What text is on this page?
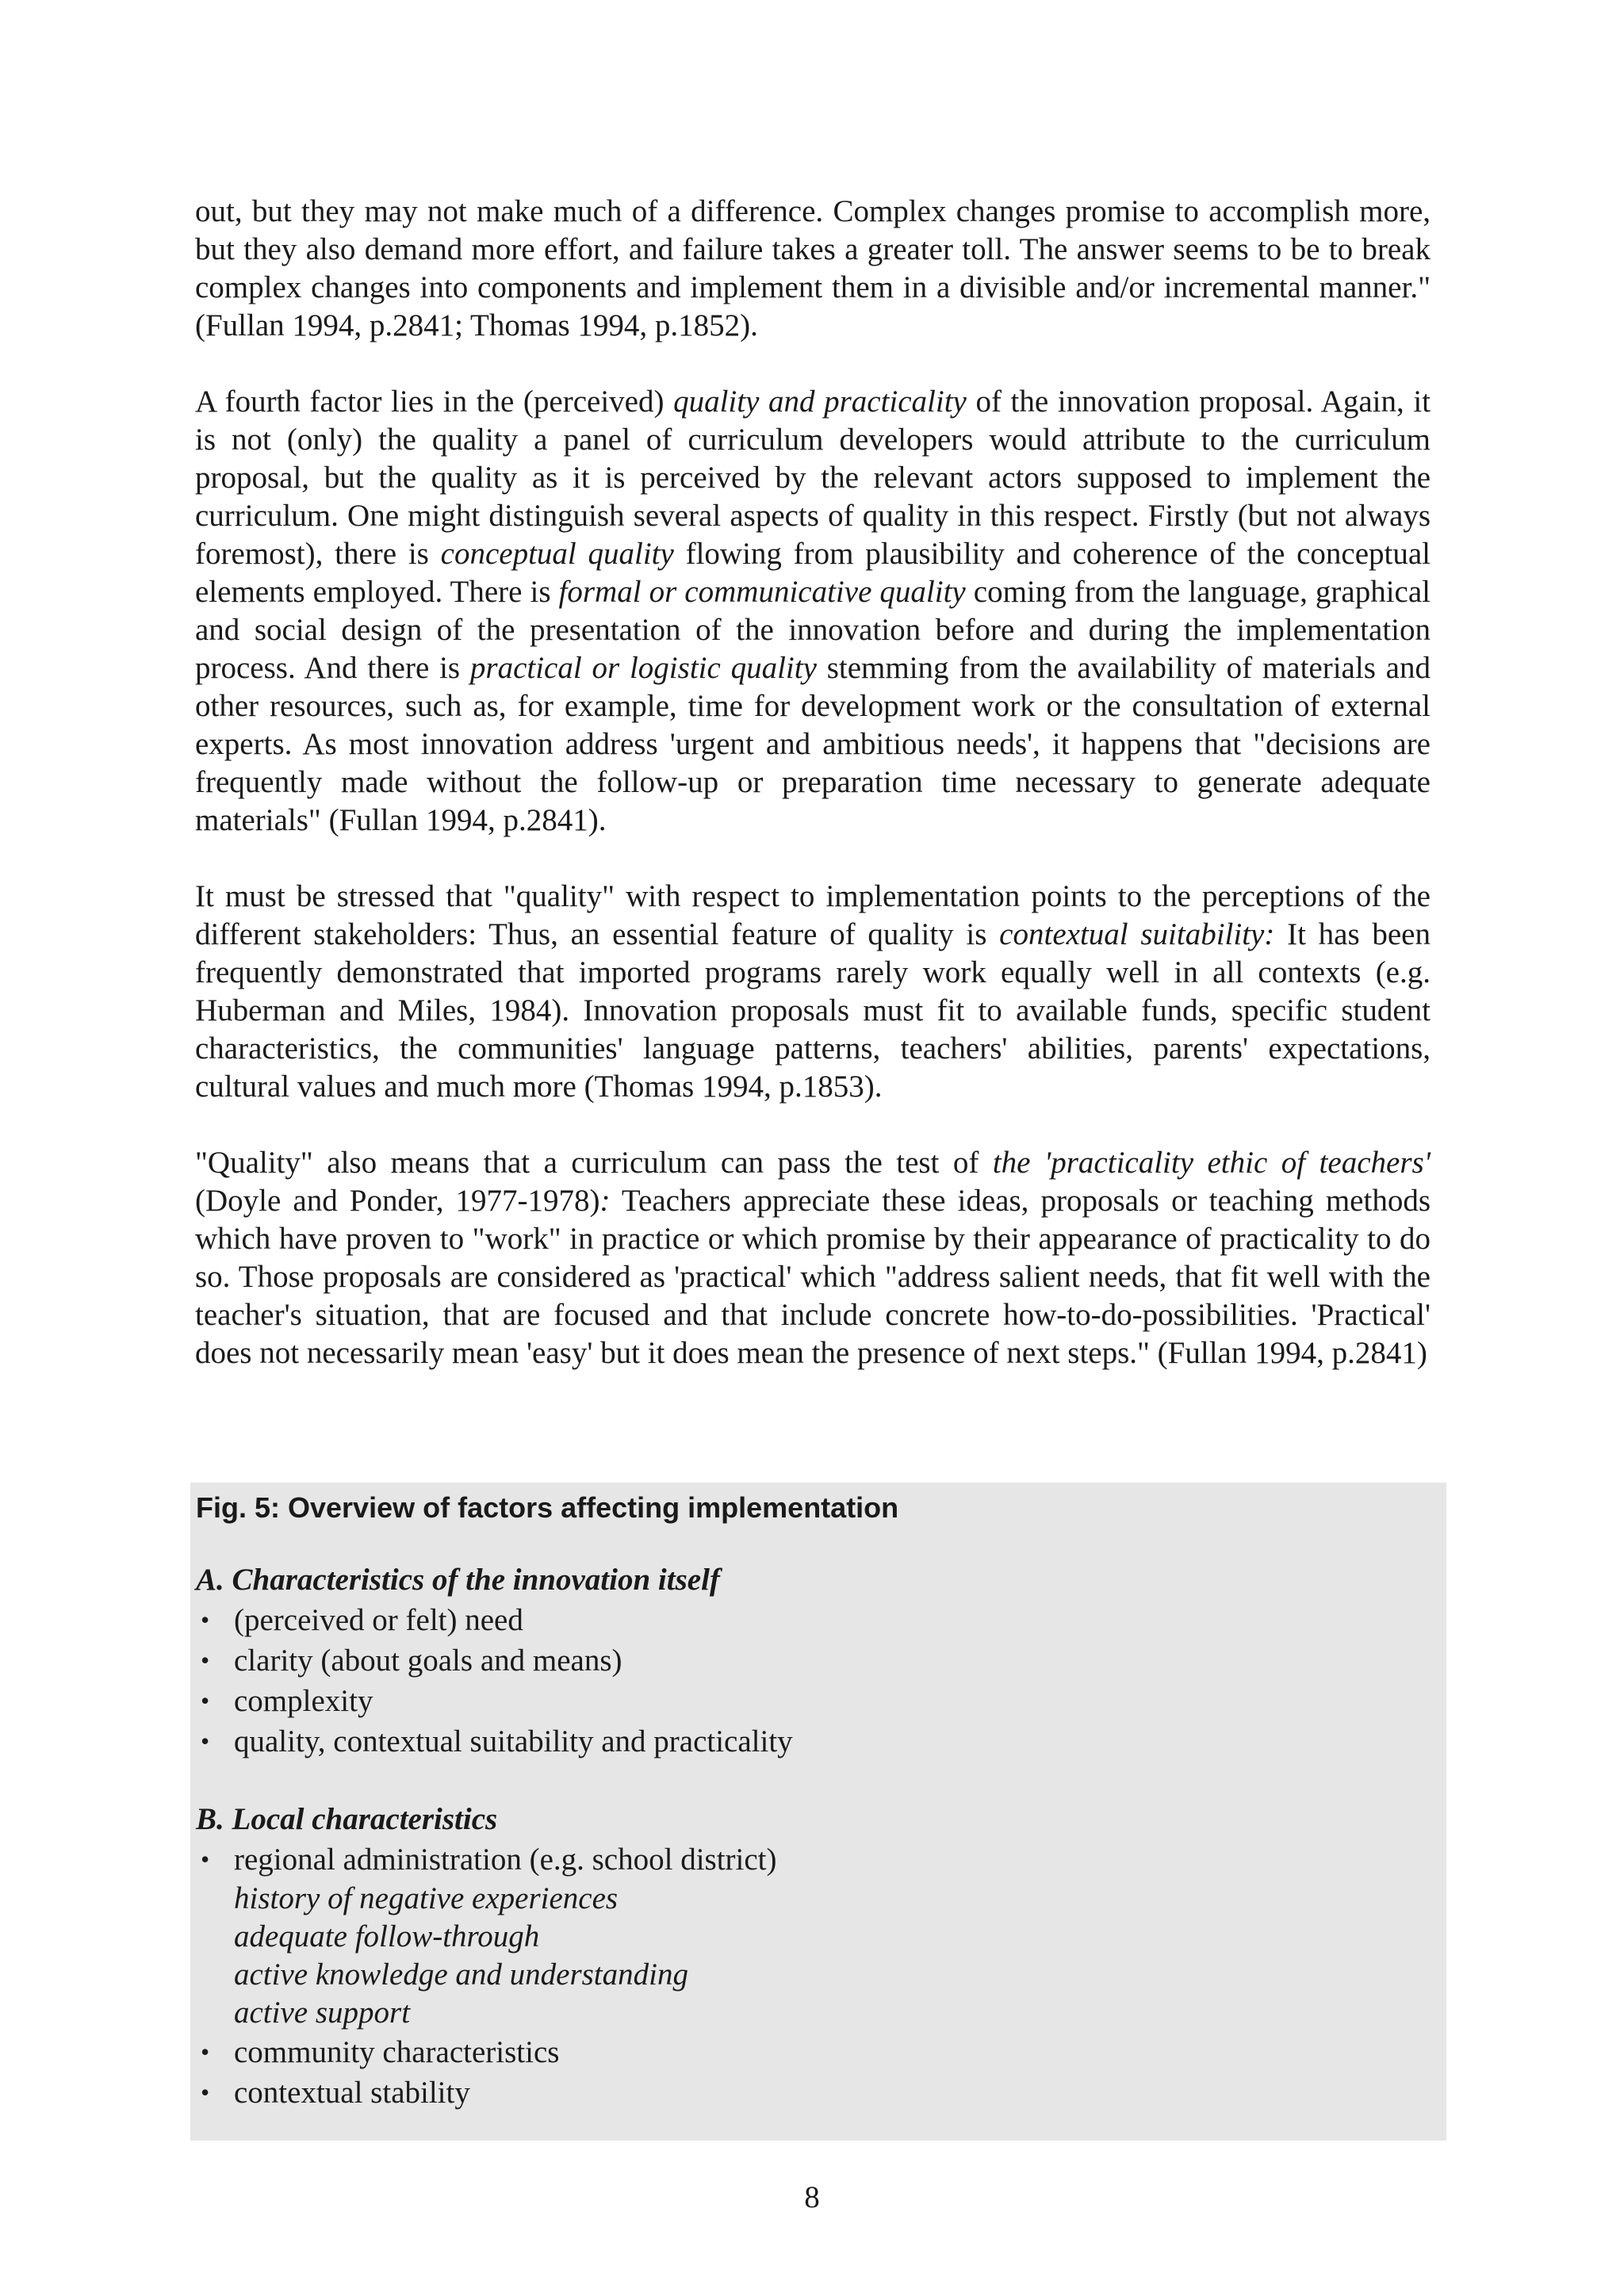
out, but they may not make much of a difference. Complex changes promise to accomplish more, but they also demand more effort, and failure takes a greater toll. The answer seems to be to break complex changes into components and implement them in a divisible and/or incremental manner." (Fullan 1994, p.2841; Thomas 1994, p.1852).

A fourth factor lies in the (perceived) quality and practicality of the innovation proposal. Again, it is not (only) the quality a panel of curriculum developers would attribute to the curriculum proposal, but the quality as it is perceived by the relevant actors supposed to implement the curriculum. One might distinguish several aspects of quality in this respect. Firstly (but not always foremost), there is conceptual quality flowing from plausibility and coherence of the conceptual elements employed. There is formal or communicative quality coming from the language, graphical and social design of the presentation of the innovation before and during the implementation process. And there is practical or logistic quality stemming from the availability of materials and other resources, such as, for example, time for development work or the consultation of external experts. As most innovation address 'urgent and ambitious needs', it happens that "decisions are frequently made without the follow-up or preparation time necessary to generate adequate materials" (Fullan 1994, p.2841).

It must be stressed that "quality" with respect to implementation points to the perceptions of the different stakeholders: Thus, an essential feature of quality is contextual suitability: It has been frequently demonstrated that imported programs rarely work equally well in all contexts (e.g. Huberman and Miles, 1984). Innovation proposals must fit to available funds, specific student characteristics, the communities' language patterns, teachers' abilities, parents' expectations, cultural values and much more (Thomas 1994, p.1853).

"Quality" also means that a curriculum can pass the test of the 'practicality ethic of teachers' (Doyle and Ponder, 1977-1978): Teachers appreciate these ideas, proposals or teaching methods which have proven to "work" in practice or which promise by their appearance of practicality to do so. Those proposals are considered as 'practical' which "address salient needs, that fit well with the teacher's situation, that are focused and that include concrete how-to-do-possibilities. 'Practical' does not necessarily mean 'easy' but it does mean the presence of next steps." (Fullan 1994, p.2841)

Fig. 5: Overview of factors affecting implementation
A. Characteristics of the innovation itself
• (perceived or felt) need
• clarity (about goals and means)
• complexity
• quality, contextual suitability and practicality
B. Local characteristics
• regional administration (e.g. school district)
history of negative experiences
adequate follow-through
active knowledge and understanding
active support
• community characteristics
• contextual stability
8
